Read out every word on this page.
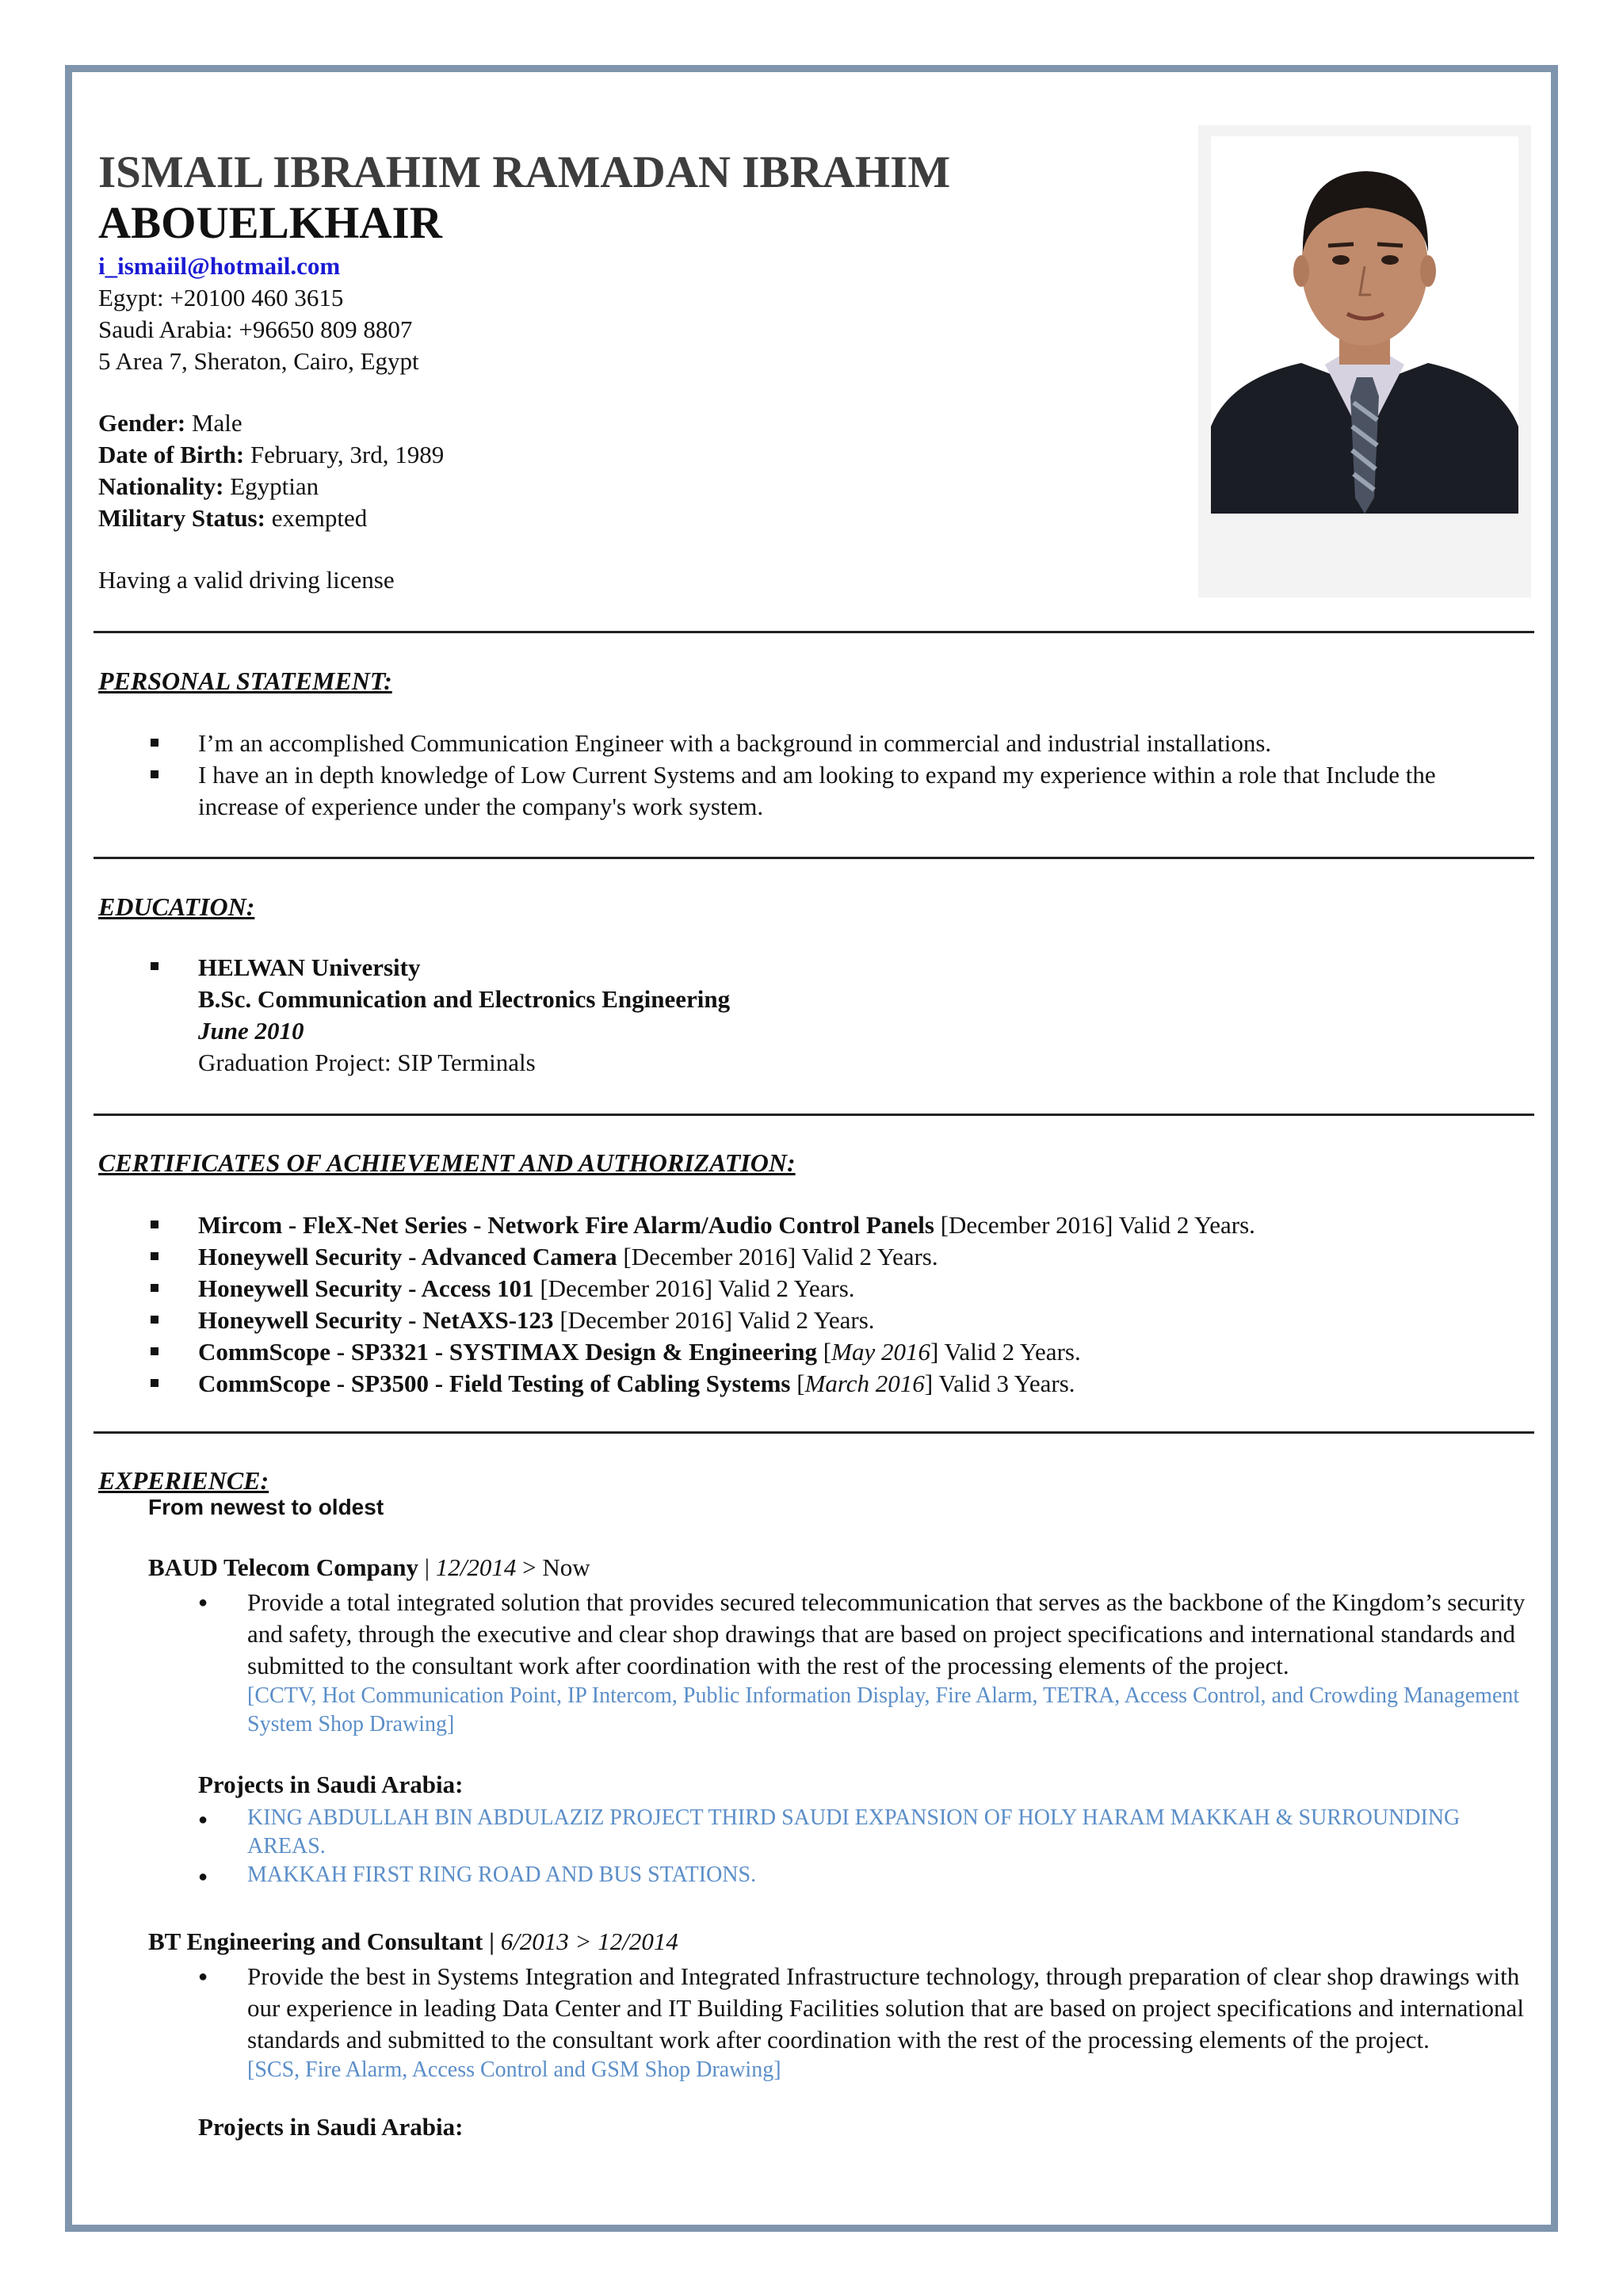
ISMAIL IBRAHIM RAMADAN IBRAHIM
ABOUELKHAIR
i_ismaiil@hotmail.com
Egypt: +20100 460 3615
Saudi Arabia: +96650 809 8807
5 Area 7, Sheraton, Cairo, Egypt
Gender: Male
Date of Birth: February, 3rd, 1989
Nationality: Egyptian
Military Status: exempted
Having a valid driving license
PERSONAL STATEMENT:
I’m an accomplished Communication Engineer with a background in commercial and industrial installations.
I have an in depth knowledge of Low Current Systems and am looking to expand my experience within a role that Include the increase of experience under the company's work system.
EDUCATION:
HELWAN University
B.Sc. Communication and Electronics Engineering
June 2010
Graduation Project: SIP Terminals
CERTIFICATES OF ACHIEVEMENT AND AUTHORIZATION:
Mircom - FleX-Net Series - Network Fire Alarm/Audio Control Panels [December 2016] Valid 2 Years.
Honeywell Security - Advanced Camera [December 2016] Valid 2 Years.
Honeywell Security - Access 101 [December 2016] Valid 2 Years.
Honeywell Security - NetAXS-123 [December 2016] Valid 2 Years.
CommScope - SP3321 - SYSTIMAX Design & Engineering [May 2016] Valid 2 Years.
CommScope - SP3500 - Field Testing of Cabling Systems [March 2016] Valid 3 Years.
EXPERIENCE:
From newest to oldest
BAUD Telecom Company | 12/2014 > Now
● Provide a total integrated solution that provides secured telecommunication that serves as the backbone of the Kingdom’s security and safety, through the executive and clear shop drawings that are based on project specifications and international standards and submitted to the consultant work after coordination with the rest of the processing elements of the project.
[CCTV, Hot Communication Point, IP Intercom, Public Information Display, Fire Alarm, TETRA, Access Control, and Crowding Management System Shop Drawing]
Projects in Saudi Arabia:
● KING ABDULLAH BIN ABDULAZIZ PROJECT THIRD SAUDI EXPANSION OF HOLY HARAM MAKKAH & SURROUNDING AREAS.
● MAKKAH FIRST RING ROAD AND BUS STATIONS.
BT Engineering and Consultant | 6/2013 > 12/2014
● Provide the best in Systems Integration and Integrated Infrastructure technology, through preparation of clear shop drawings with our experience in leading Data Center and IT Building Facilities solution that are based on project specifications and international standards and submitted to the consultant work after coordination with the rest of the processing elements of the project.
[SCS, Fire Alarm, Access Control and GSM Shop Drawing]
Projects in Saudi Arabia:
